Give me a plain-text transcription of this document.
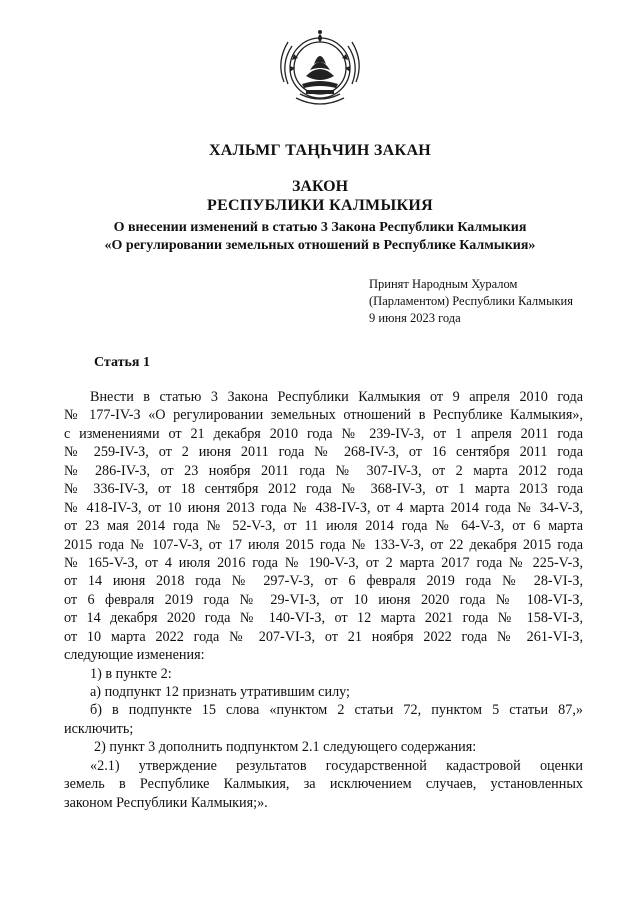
ХАЛЬМГ ТАҢҺЧИН ЗАКАН
ЗАКОН
РЕСПУБЛИКИ КАЛМЫКИЯ
О внесении изменений в статью 3 Закона Республики Калмыкия
«О регулировании земельных отношений в Республике Калмыкия»
Принят Народным Хуралом
(Парламентом) Республики Калмыкия
9 июня 2023 года
Статья 1
Внести в статью 3 Закона Республики Калмыкия от 9 апреля 2010 года
№ 177-IV-З «О регулировании земельных отношений в Республике Калмыкия»,
с изменениями от 21 декабря 2010 года № 239-IV-З, от 1 апреля 2011 года
№ 259-IV-З, от 2 июня 2011 года № 268-IV-З, от 16 сентября 2011 года
№ 286-IV-З, от 23 ноября 2011 года № 307-IV-З, от 2 марта 2012 года
№ 336-IV-З, от 18 сентября 2012 года № 368-IV-З, от 1 марта 2013 года
№ 418-IV-З, от 10 июня 2013 года № 438-IV-З, от 4 марта 2014 года № 34-V-З,
от 23 мая 2014 года № 52-V-З, от 11 июля 2014 года № 64-V-З, от 6 марта
2015 года № 107-V-З, от 17 июля 2015 года № 133-V-З, от 22 декабря 2015 года
№ 165-V-З, от 4 июля 2016 года № 190-V-З, от 2 марта 2017 года № 225-V-З,
от 14 июня 2018 года № 297-V-З, от 6 февраля 2019 года № 28-VI-З,
от 6 февраля 2019 года № 29-VI-З, от 10 июня 2020 года № 108-VI-З,
от 14 декабря 2020 года № 140-VI-З, от 12 марта 2021 года № 158-VI-З,
от 10 марта 2022 года № 207-VI-З, от 21 ноября 2022 года № 261-VI-З,
следующие изменения:
1) в пункте 2:
а) подпункт 12 признать утратившим силу;
б) в подпункте 15 слова «пунктом 2 статьи 72, пунктом 5 статьи 87,»
исключить;
2) пункт 3 дополнить подпунктом 2.1 следующего содержания:
«2.1) утверждение результатов государственной кадастровой оценки
земель в Республике Калмыкия, за исключением случаев, установленных
законом Республики Калмыкия;».
